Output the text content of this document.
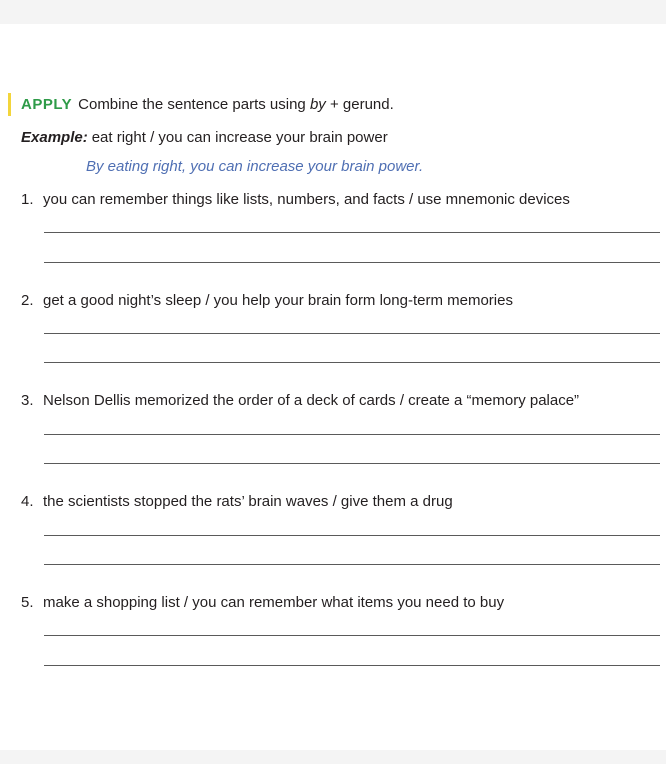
APPLY Combine the sentence parts using by + gerund.
Example: eat right / you can increase your brain power
By eating right, you can increase your brain power.
1. you can remember things like lists, numbers, and facts / use mnemonic devices
2. get a good night’s sleep / you help your brain form long-term memories
3. Nelson Dellis memorized the order of a deck of cards / create a “memory palace”
4. the scientists stopped the rats’ brain waves / give them a drug
5. make a shopping list / you can remember what items you need to buy
